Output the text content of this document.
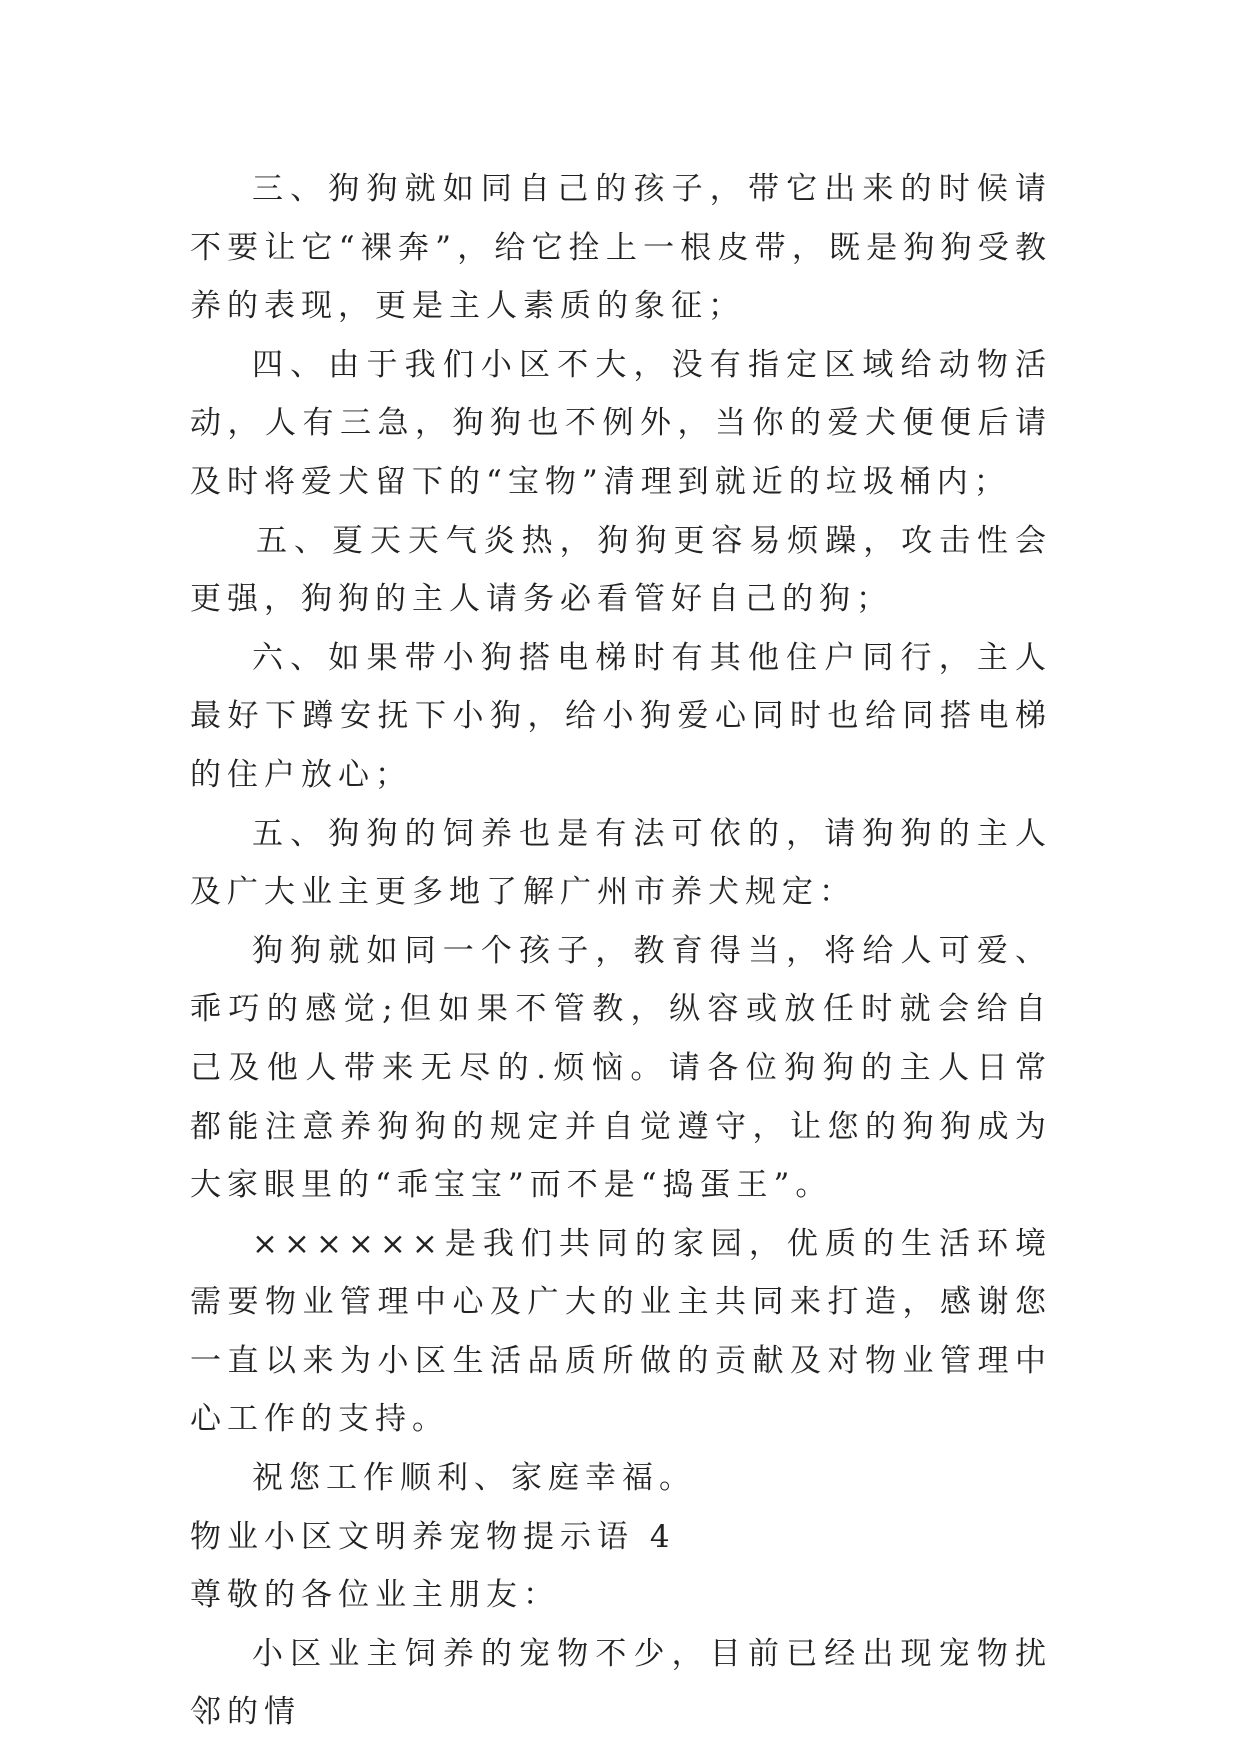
三、狗狗就如同自己的孩子，带它出来的时候请不要让它“裸奔”，给它拴上一根皮带，既是狗狗受教养的表现，更是主人素质的象征；

四、由于我们小区不大，没有指定区域给动物活动，人有三急，狗狗也不例外，当你的爱犬便便后请及时将爱犬留下的“宝物”清理到就近的垃圾桶内；

五、夏天天气炎热，狗狗更容易烦躁，攻击性会更强，狗狗的主人请务必看管好自己的狗；

六、如果带小狗搭电梯时有其他住户同行，主人最好下蹲安抚下小狗，给小狗爱心同时也给同搭电梯的住户放心；

五、狗狗的饲养也是有法可依的，请狗狗的主人及广大业主更多地了解广州市养犬规定：

狗狗就如同一个孩子，教育得当，将给人可爱、乖巧的感觉;但如果不管教，纵容或放任时就会给自己及他人带来无尽的.烦恼。请各位狗狗的主人日常都能注意养狗狗的规定并自觉遵守，让您的狗狗成为大家眼里的“乖宝宝”而不是“捣蛋王”。

××××××是我们共同的家园，优质的生活环境需要物业管理中心及广大的业主共同来打造，感谢您一直以来为小区生活品质所做的贡献及对物业管理中心工作的支持。

祝您工作顺利、家庭幸福。

物业小区文明养宠物提示语 4

尊敬的各位业主朋友：

小区业主饲养的宠物不少，目前已经出现宠物扰邻的情
